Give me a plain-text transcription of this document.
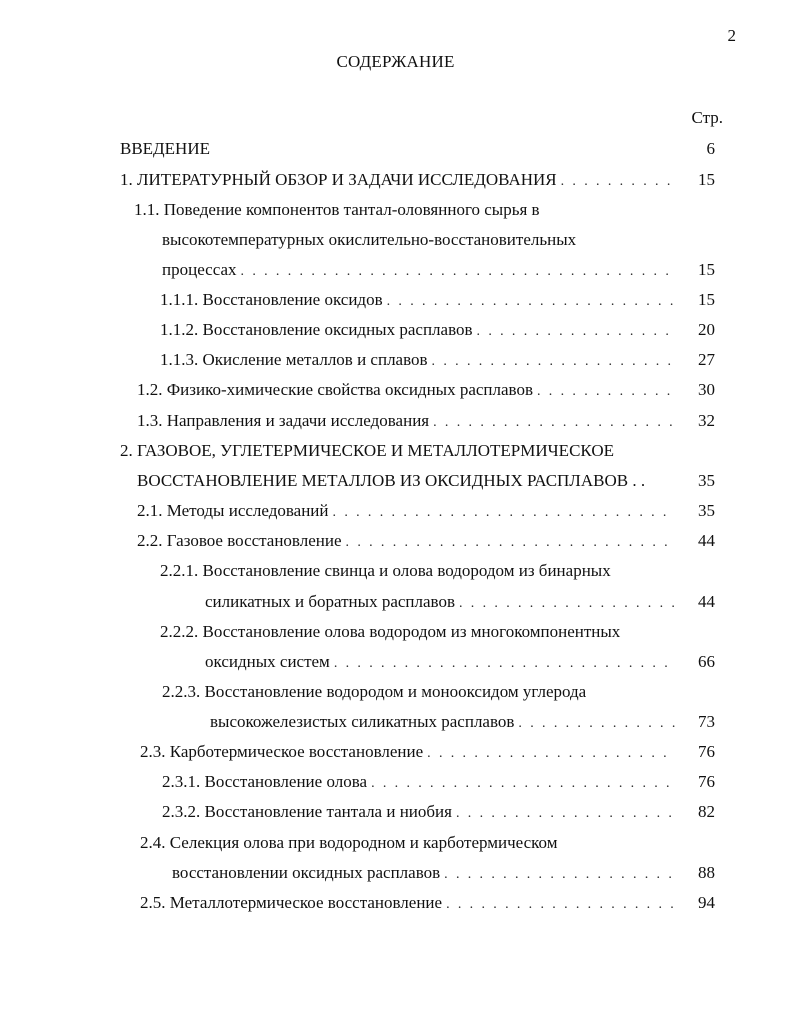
2
СОДЕРЖАНИЕ
Стр.
ВВЕДЕНИЕ	6
1. ЛИТЕРАТУРНЫЙ ОБЗОР И ЗАДАЧИ ИССЛЕДОВАНИЯ . . .	15
1.1. Поведение компонентов тантал-оловянного сырья в
высокотемпературных окислительно-восстановительных
процессах . . .	15
1.1.1. Восстановление оксидов . . .	15
1.1.2. Восстановление оксидных расплавов . . .	20
1.1.3. Окисление металлов и сплавов . . .	27
1.2. Физико-химические свойства оксидных расплавов . . .	30
1.3. Направления и задачи исследования . . .	32
2. ГАЗОВОЕ, УГЛЕТЕРМИЧЕСКОЕ И МЕТАЛЛОТЕРМИЧЕСКОЕ
ВОССТАНОВЛЕНИЕ МЕТАЛЛОВ ИЗ ОКСИДНЫХ РАСПЛАВОВ . .	35
2.1. Методы исследований . . .	35
2.2. Газовое восстановление . . .	44
2.2.1. Восстановление свинца и олова водородом из бинарных
силикатных и боратных расплавов . . .	44
2.2.2. Восстановление олова водородом из многокомпонентных
оксидных систем . . .	66
2.2.3. Восстановление водородом и монооксидом углерода
высокожелезистых силикатных расплавов . . .	73
2.3. Карботермическое восстановление . . .	76
2.3.1. Восстановление олова . . .	76
2.3.2. Восстановление тантала и ниобия . . .	82
2.4. Селекция олова при водородном и карботермическом
восстановлении оксидных расплавов . . .	88
2.5. Металлотермическое восстановление . . .	94
